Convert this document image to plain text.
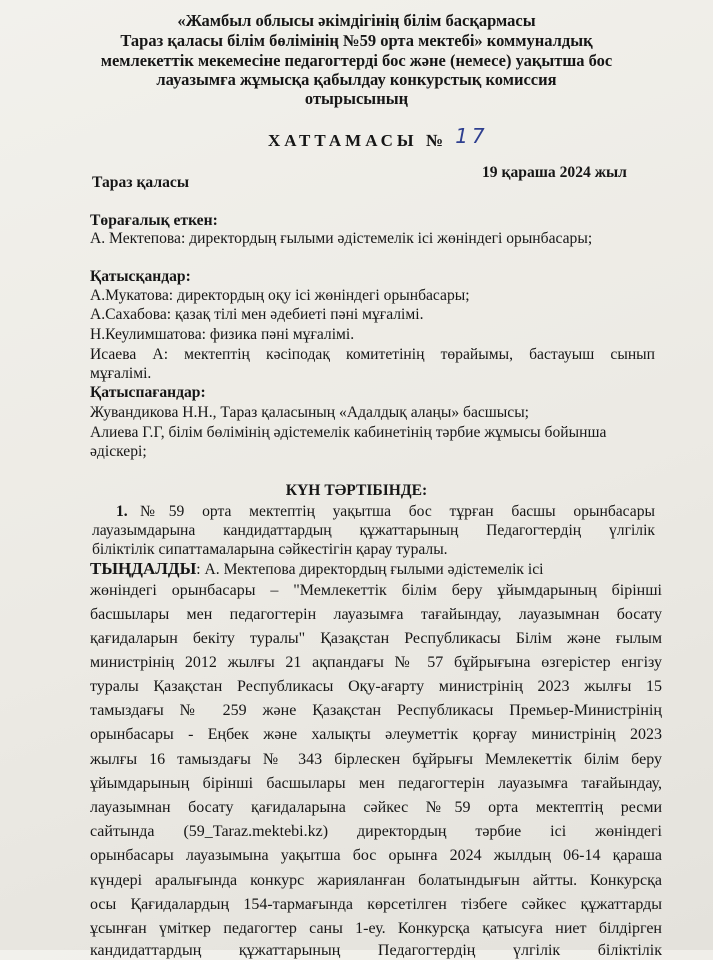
«Жамбыл облысы әкімдігінің білім басқармасы
Тараз қаласы білім бөлімінің №59 орта мектебі» коммуналдық
мемлекеттік мекемесіне педагогтерді бос және (немесе) уақытша бос
лауазымға жұмысқа қабылдау конкурстық комиссия
отырысының
ХАТТАМАСЫ № 17
Тараз қаласы
19 қараша 2024 жыл
Төрағалық еткен:
А. Мектепова: директордың ғылыми әдістемелік ісі жөніндегі орынбасары;
Қатысқандар:
А.Мукатова: директордың оқу ісі жөніндегі орынбасары;
А.Сахабова: қазақ тілі мен әдебиеті пәні мұғалімі.
Н.Кеулимшатова: физика пәні мұғалімі.
Исаева А: мектептің кәсіподақ комитетінің төрайымы, бастауыш сынып
мұғалімі.
Қатыспағандар:
Жувандикова Н.Н., Тараз қаласының «Адалдық алаңы» басшысы;
Алиева Г.Г, білім бөлімінің әдістемелік кабинетінің тәрбие жұмысы бойынша
әдіскері;
КҮН ТӘРТІБІНДЕ:
1. №59 орта мектептің уақытша бос тұрған басшы орынбасары
лауазымдарына кандидаттардың құжаттарының Педагогтердің үлгілік
біліктілік сипаттамаларына сәйкестігін қарау туралы.
ТЫҢДАЛДЫ: А. Мектепова директордың ғылыми әдістемелік ісі
жөніндегі орынбасары – "Мемлекеттік білім беру ұйымдарының бірінші
басшылары мен педагогтерін лауазымға тағайындау, лауазымнан босату
қағидаларын бекіту туралы" Қазақстан Республикасы Білім және ғылым
министрінің 2012 жылғы 21 ақпандағы № 57 бұйрығына өзгерістер енгізу
туралы Қазақстан Республикасы Оқу-ағарту министрінің 2023 жылғы 15
тамыздағы № 259 және Қазақстан Республикасы Премьер-Министрінің
орынбасары - Еңбек және халықты әлеуметтік қорғау министрінің 2023
жылғы 16 тамыздағы № 343 бірлескен бұйрығы Мемлекеттік білім беру
ұйымдарының бірінші басшылары мен педагогтерін лауазымға тағайындау,
лауазымнан босату қағидаларына сәйкес №59 орта мектептің ресми
сайтында (59_Taraz.mektebi.kz) директордың тәрбие ісі жөніндегі
орынбасары лауазымына уақытша бос орынға 2024 жылдың 06-14 қараша
күндері аралығында конкурс жарияланған болатындығын айтты. Конкурсқа
осы Қағидалардың 154-тармағында көрсетілген тізбеге сәйкес құжаттарды
ұсынған үміткер педагогтер саны 1-еу. Конкурсқа қатысуға ниет білдірген
кандидаттардың құжаттарының Педагогтердің үлгілік біліктілік
